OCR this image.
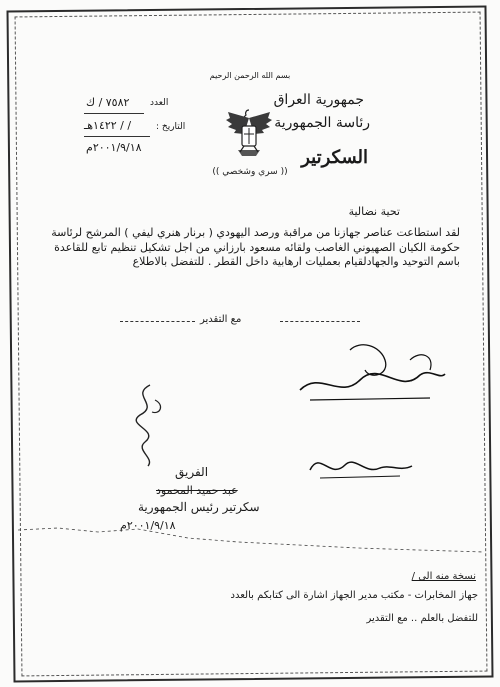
بسم الله الرحمن الرحيم
العدد
٧٥٨٢ / ك
التاريخ :
/ / ١٤٢٢هـ
٢٠٠١/٩/١٨م
جمهورية العراق
رئاسة الجمهورية
السكرتير
(( سري وشخصي ))
تحية نضالية
لقد استطاعت عناصر جهازنا من مراقبة ورصد اليهودي ( برنار هنري ليفي ) المرشح لرئاسة حكومة الكيان الصهيوني الغاصب ولقائه مسعود بارزاني من اجل تشكيل تنظيم تابع للقاعدة باسم التوحيد والجهادلقيام بعمليات ارهابية داخل القطر . للتفضل بالاطلاع
مع التقدير
الفريق
عبد حميد المحمود
سكرتير رئيس الجمهورية
٢٠٠١/٩/١٨م
نسخة منه الى /
جهاز المخابرات - مكتب مدير الجهاز اشارة الى كتابكم بالعدد
للتفضل بالعلم .. مع التقدير
